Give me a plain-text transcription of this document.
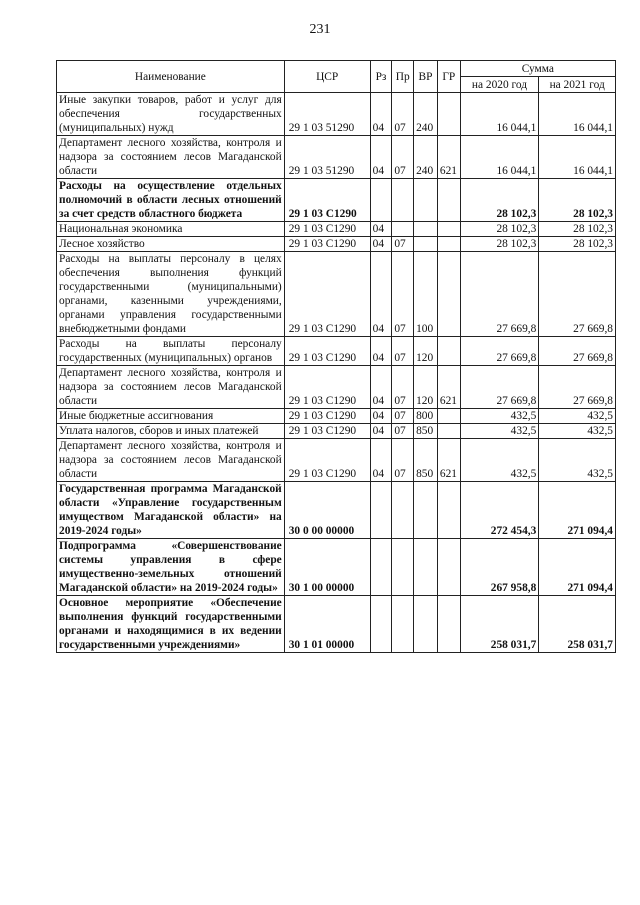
231
Наименование	ЦСР	Рз	Пр	ВР	ГР	Сумма	
						на 2020 год	на 2021 год
Иные закупки товаров, работ и услуг для обеспечения государственных (муниципальных) нужд	29 1 03 51290	04	07	240		16 044,1	16 044,1
Департамент лесного хозяйства, контроля и надзора за состоянием лесов Магаданской области	29 1 03 51290	04	07	240	621	16 044,1	16 044,1
Расходы на осуществление отдельных полномочий в области лесных отношений за счет средств областного бюджета	29 1 03 С1290					28 102,3	28 102,3
Национальная экономика	29 1 03 С1290	04				28 102,3	28 102,3
Лесное хозяйство	29 1 03 С1290	04	07			28 102,3	28 102,3
Расходы на выплаты персоналу в целях обеспечения выполнения функций государственными (муниципальными) органами, казенными учреждениями, органами управления государственными внебюджетными фондами	29 1 03 С1290	04	07	100		27 669,8	27 669,8
Расходы на выплаты персоналу государственных (муниципальных) органов	29 1 03 С1290	04	07	120		27 669,8	27 669,8
Департамент лесного хозяйства, контроля и надзора за состоянием лесов Магаданской области	29 1 03 С1290	04	07	120	621	27 669,8	27 669,8
Иные бюджетные ассигнования	29 1 03 С1290	04	07	800		432,5	432,5
Уплата налогов, сборов и иных платежей	29 1 03 С1290	04	07	850		432,5	432,5
Департамент лесного хозяйства, контроля и надзора за состоянием лесов Магаданской области	29 1 03 С1290	04	07	850	621	432,5	432,5
Государственная программа Магаданской области «Управление государственным имуществом Магаданской области» на 2019-2024 годы»	30 0 00 00000					272 454,3	271 094,4
Подпрограмма «Совершенствование системы управления в сфере имущественно-земельных отношений Магаданской области» на 2019-2024 годы»	30 1 00 00000					267 958,8	271 094,4
Основное мероприятие «Обеспечение выполнения функций государственными органами и находящимися в их ведении государственными учреждениями»	30 1 01 00000					258 031,7	258 031,7
